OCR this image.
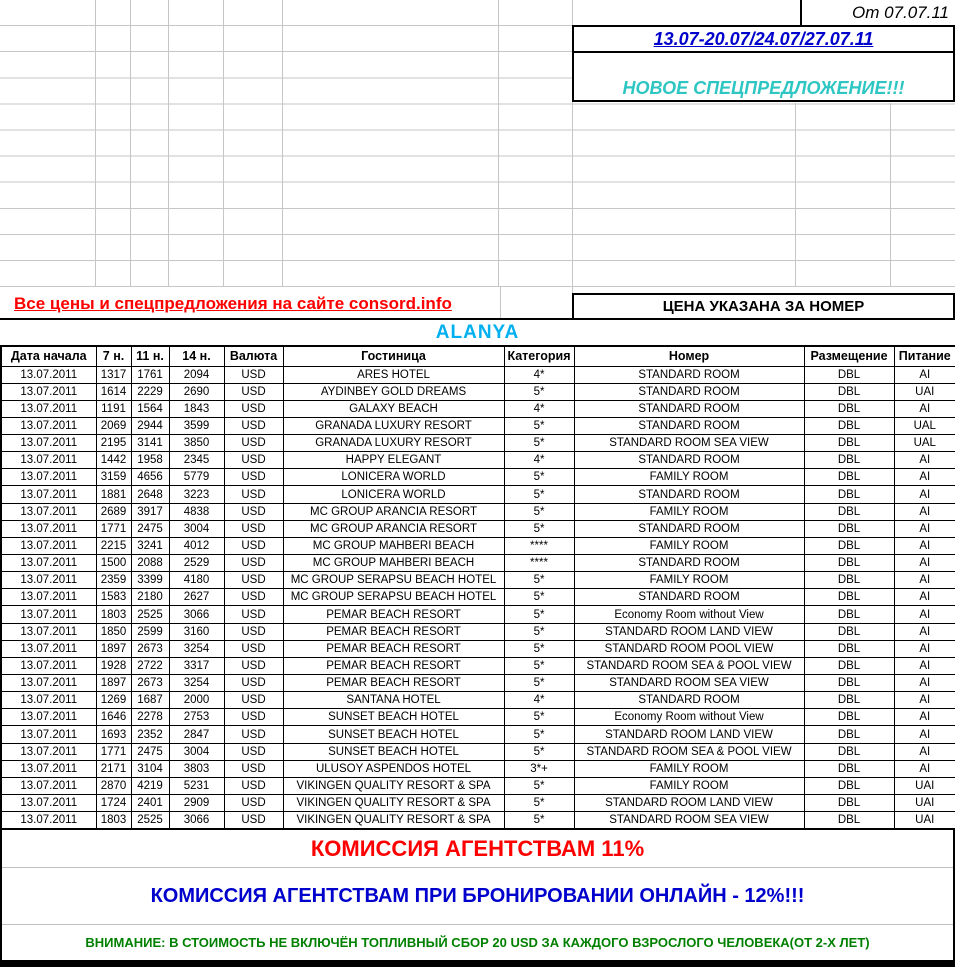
От 07.07.11
13.07-20.07/24.07/27.07.11
НОВОЕ СПЕЦПРЕДЛОЖЕНИЕ!!!
Все цены и спецпредложения на сайте consord.info	ЦЕНА УКАЗАНА ЗА НОМЕР
ALANYA
Дата начала	7 н.	11 н.	14 н.	Валюта	Гостиница	Категория	Номер	Размещение	Питание
13.07.2011	1317	1761	2094	USD	ARES HOTEL	4*	STANDARD ROOM	DBL	AI
13.07.2011	1614	2229	2690	USD	AYDINBEY GOLD DREAMS	5*	STANDARD ROOM	DBL	UAI
13.07.2011	1191	1564	1843	USD	GALAXY BEACH	4*	STANDARD ROOM	DBL	AI
13.07.2011	2069	2944	3599	USD	GRANADA LUXURY RESORT	5*	STANDARD ROOM	DBL	UAL
13.07.2011	2195	3141	3850	USD	GRANADA LUXURY RESORT	5*	STANDARD ROOM SEA VIEW	DBL	UAL
13.07.2011	1442	1958	2345	USD	HAPPY ELEGANT	4*	STANDARD ROOM	DBL	AI
13.07.2011	3159	4656	5779	USD	LONICERA WORLD	5*	FAMILY ROOM	DBL	AI
13.07.2011	1881	2648	3223	USD	LONICERA WORLD	5*	STANDARD ROOM	DBL	AI
13.07.2011	2689	3917	4838	USD	MC GROUP ARANCIA RESORT	5*	FAMILY ROOM	DBL	AI
13.07.2011	1771	2475	3004	USD	MC GROUP ARANCIA RESORT	5*	STANDARD ROOM	DBL	AI
13.07.2011	2215	3241	4012	USD	MC GROUP MAHBERI BEACH	****	FAMILY ROOM	DBL	AI
13.07.2011	1500	2088	2529	USD	MC GROUP MAHBERI BEACH	****	STANDARD ROOM	DBL	AI
13.07.2011	2359	3399	4180	USD	MC GROUP SERAPSU BEACH HOTEL	5*	FAMILY ROOM	DBL	AI
13.07.2011	1583	2180	2627	USD	MC GROUP SERAPSU BEACH HOTEL	5*	STANDARD ROOM	DBL	AI
13.07.2011	1803	2525	3066	USD	PEMAR BEACH RESORT	5*	Economy Room without View	DBL	AI
13.07.2011	1850	2599	3160	USD	PEMAR BEACH RESORT	5*	STANDARD ROOM LAND VIEW	DBL	AI
13.07.2011	1897	2673	3254	USD	PEMAR BEACH RESORT	5*	STANDARD ROOM POOL VIEW	DBL	AI
13.07.2011	1928	2722	3317	USD	PEMAR BEACH RESORT	5*	STANDARD ROOM SEA & POOL VIEW	DBL	AI
13.07.2011	1897	2673	3254	USD	PEMAR BEACH RESORT	5*	STANDARD ROOM SEA VIEW	DBL	AI
13.07.2011	1269	1687	2000	USD	SANTANA HOTEL	4*	STANDARD ROOM	DBL	AI
13.07.2011	1646	2278	2753	USD	SUNSET BEACH HOTEL	5*	Economy Room without View	DBL	AI
13.07.2011	1693	2352	2847	USD	SUNSET BEACH HOTEL	5*	STANDARD ROOM LAND VIEW	DBL	AI
13.07.2011	1771	2475	3004	USD	SUNSET BEACH HOTEL	5*	STANDARD ROOM SEA & POOL VIEW	DBL	AI
13.07.2011	2171	3104	3803	USD	ULUSOY ASPENDOS HOTEL	3*+	FAMILY ROOM	DBL	AI
13.07.2011	2870	4219	5231	USD	VIKINGEN QUALITY RESORT & SPA	5*	FAMILY ROOM	DBL	UAI
13.07.2011	1724	2401	2909	USD	VIKINGEN QUALITY RESORT & SPA	5*	STANDARD ROOM LAND VIEW	DBL	UAI
13.07.2011	1803	2525	3066	USD	VIKINGEN QUALITY RESORT & SPA	5*	STANDARD ROOM SEA VIEW	DBL	UAI
КОМИССИЯ АГЕНТСТВАМ 11%
КОМИССИЯ АГЕНТСТВАМ ПРИ БРОНИРОВАНИИ ОНЛАЙН - 12%!!!
ВНИМАНИЕ: В СТОИМОСТЬ НЕ ВКЛЮЧЁН ТОПЛИВНЫЙ СБОР 20 USD ЗА КАЖДОГО ВЗРОСЛОГО ЧЕЛОВЕКА(ОТ 2-Х ЛЕТ)
